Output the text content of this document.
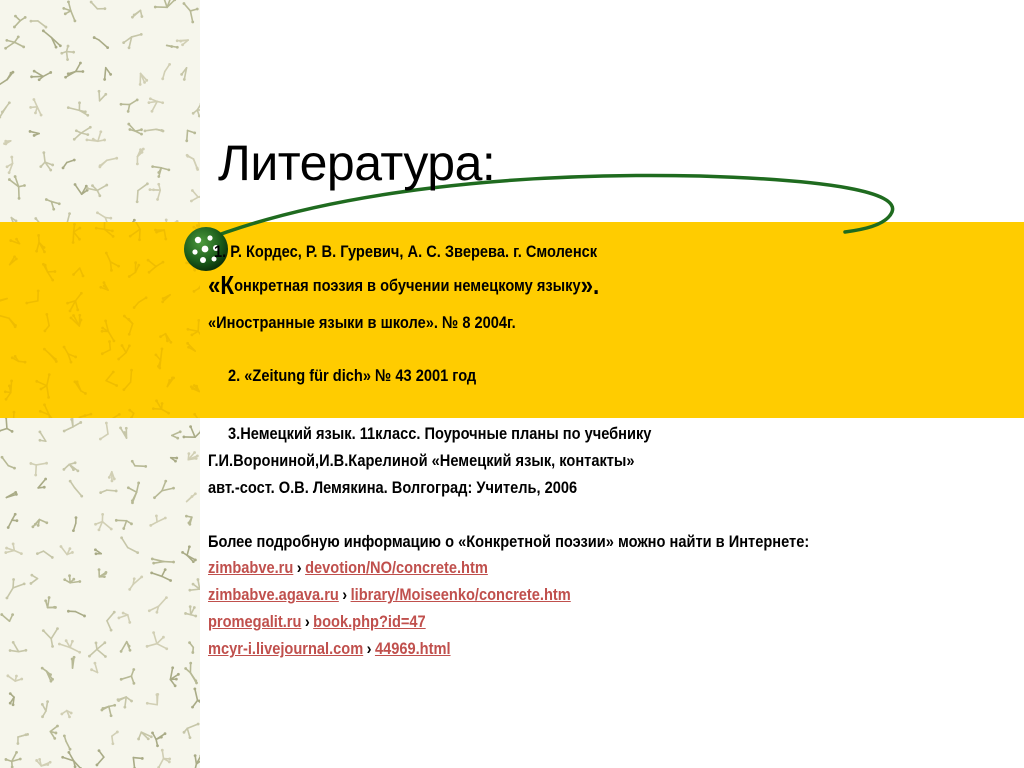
Литература:
1. Р. Кордес, Р. В. Гуревич, А. С. Зверева. г. Смоленск
«Конкретная поэзия в обучении немецкому языку».
«Иностранные языки в школе». № 8 2004г.
2. «Zeitung für dich» № 43 2001 год
3.Немецкий язык. 11класс. Поурочные планы по учебнику
Г.И.Ворониной,И.В.Карелиной «Немецкий язык, контакты»
авт.-сост. О.В. Лемякина. Волгоград: Учитель, 2006
Более подробную информацию о «Конкретной поэзии» можно найти в Интернете:
zimbabve.ru › devotion/NO/concrete.htm
zimbabve.agava.ru › library/Moiseenko/concrete.htm
promegalit.ru › book.php?id=47
mcyr-i.livejournal.com › 44969.html
